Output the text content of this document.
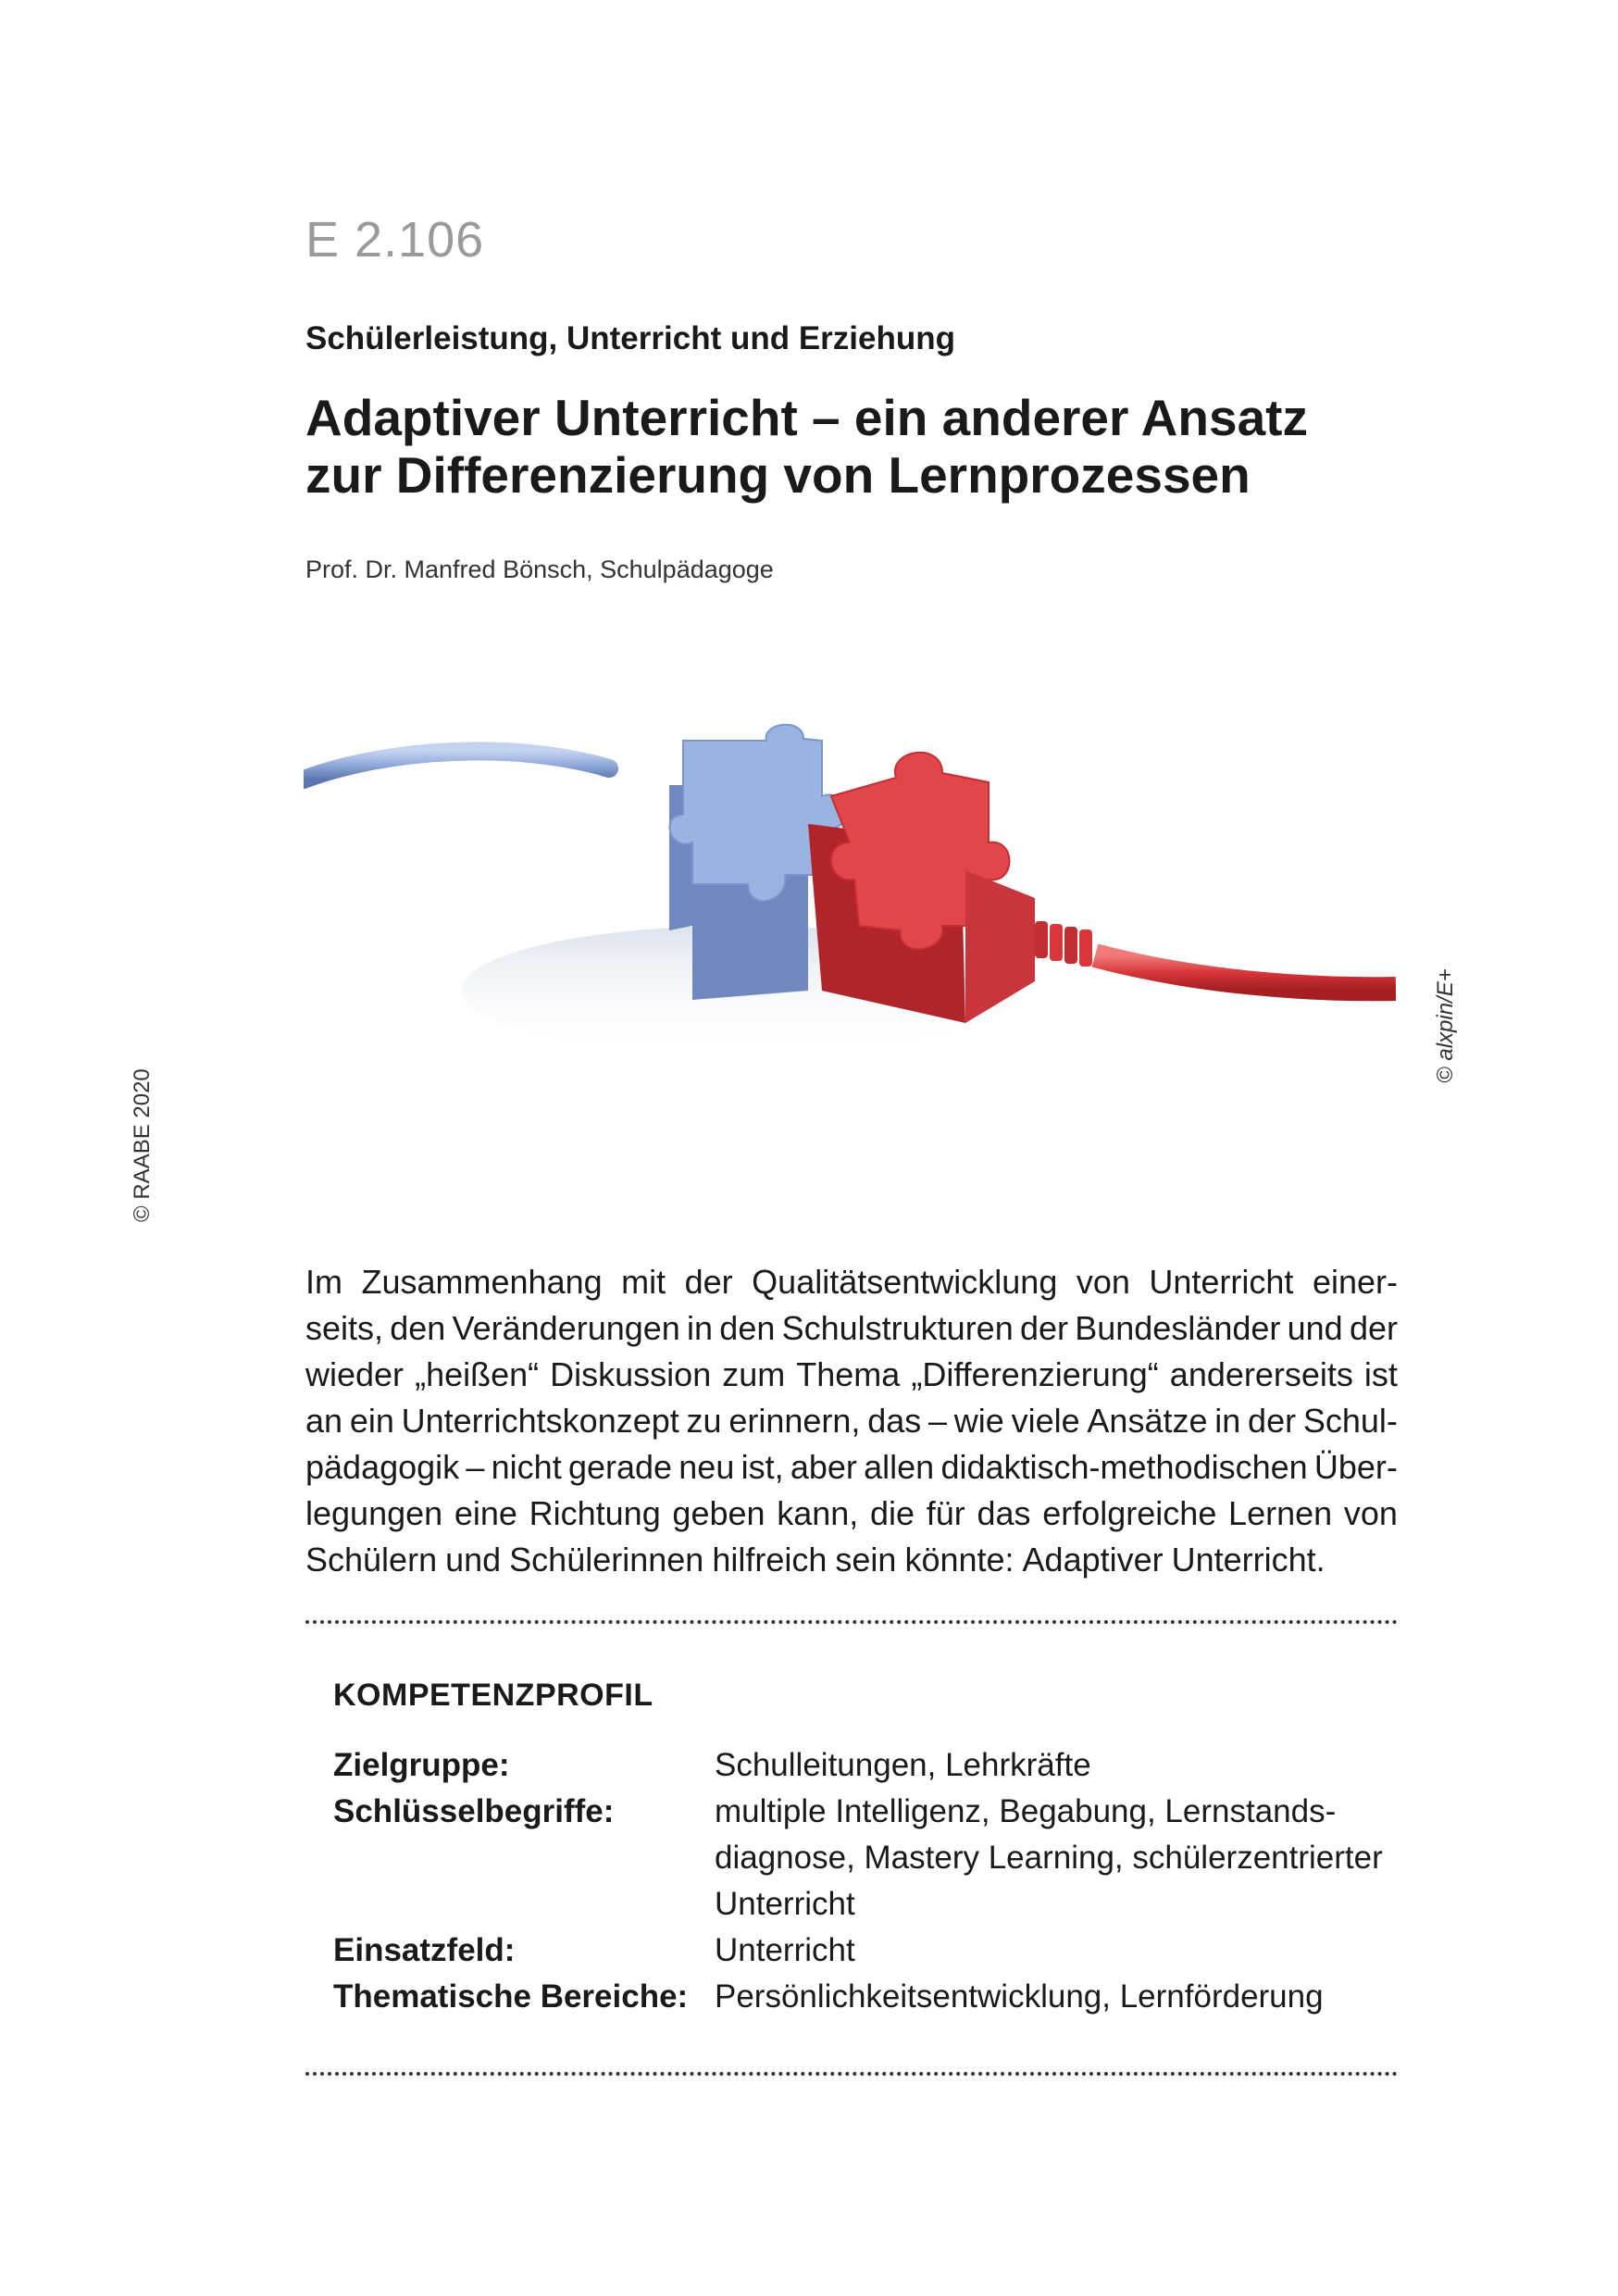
E 2.106
Schülerleistung, Unterricht und Erziehung
Adaptiver Unterricht – ein anderer Ansatz
zur Differenzierung von Lernprozessen
Prof. Dr. Manfred Bönsch, Schulpädagoge
© RAABE 2020
© alxpin/E+
Im Zusammenhang mit der Qualitätsentwicklung von Unterricht einer-
seits, den Veränderungen in den Schulstrukturen der Bundesländer und der
wieder „heißen“ Diskussion zum Thema „Differenzierung“ andererseits ist
an ein Unterrichtskonzept zu erinnern, das – wie viele Ansätze in der Schul-
pädagogik – nicht gerade neu ist, aber allen didaktisch-methodischen Über-
legungen eine Richtung geben kann, die für das erfolgreiche Lernen von
Schülern und Schülerinnen hilfreich sein könnte: Adaptiver Unterricht.
KOMPETENZPROFIL
Zielgruppe:	Schulleitungen, Lehrkräfte
Schlüsselbegriffe:	multiple Intelligenz, Begabung, Lernstands-
diagnose, Mastery Learning, schülerzentrierter
Unterricht
Einsatzfeld:	Unterricht
Thematische Bereiche: Persönlichkeitsentwicklung, Lernförderung
